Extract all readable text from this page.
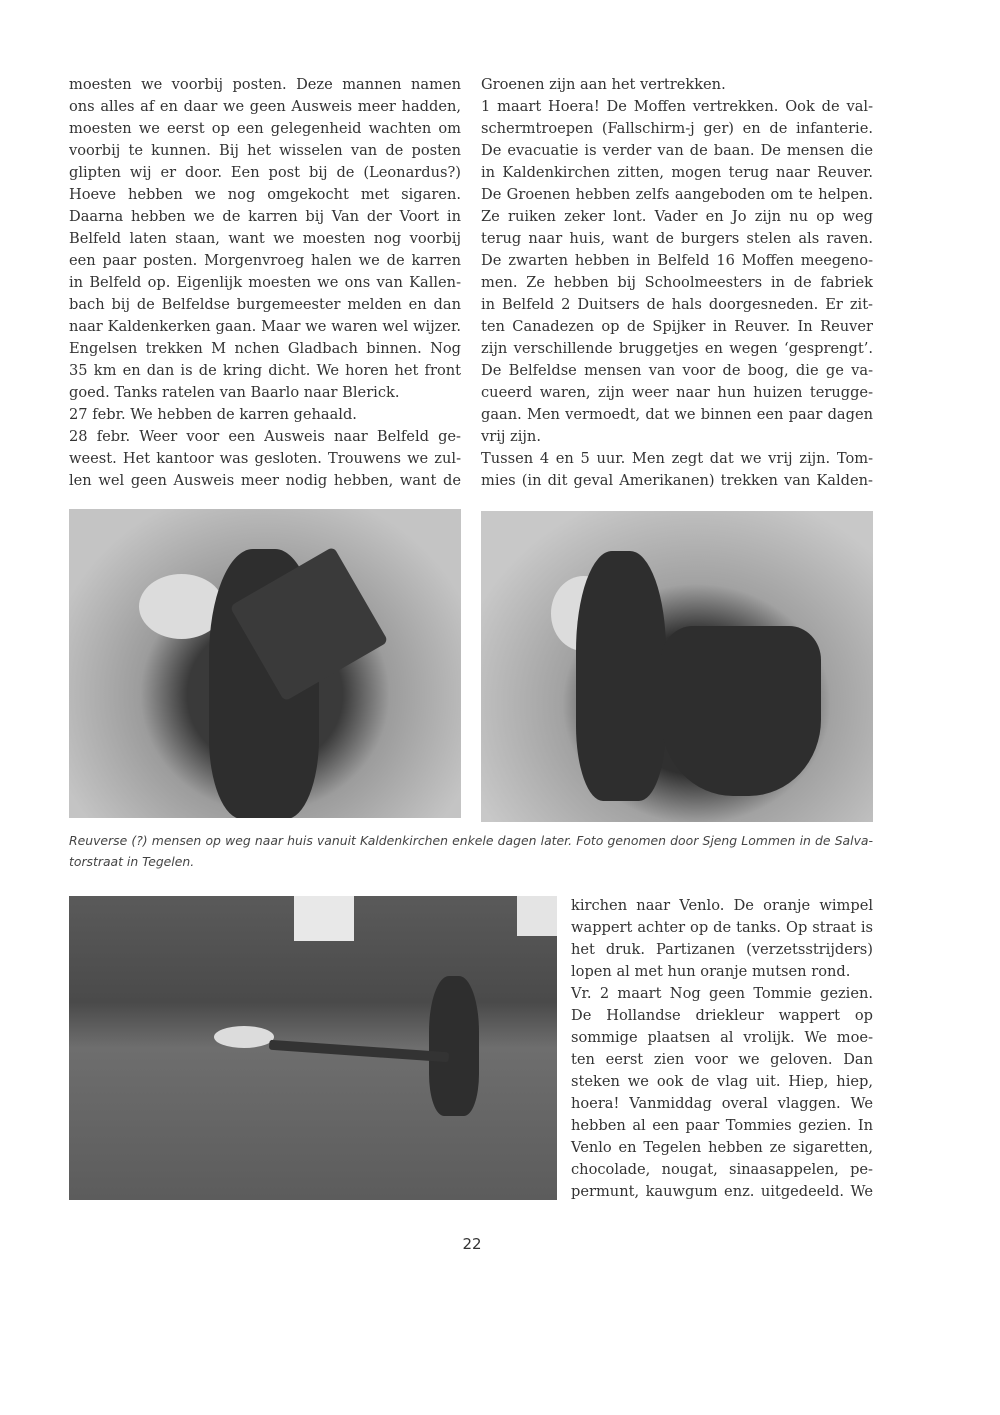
moesten we voorbij posten. Deze mannen namen
ons alles af en daar we geen Ausweis meer hadden,
moesten we eerst op een gelegenheid wachten om
voorbij te kunnen. Bij het wisselen van de posten
glipten wij er door. Een post bij de (Leonardus?)
Hoeve hebben we nog omgekocht met sigaren.
Daarna hebben we de karren bij Van der Voort in
Belfeld laten staan, want we moesten nog voorbij
een paar posten. Morgenvroeg halen we de karren
in Belfeld op. Eigenlijk moesten we ons van Kallen-
bach bij de Belfeldse burgemeester melden en dan
naar Kaldenkerken gaan. Maar we waren wel wijzer.
Engelsen trekken M nchen Gladbach binnen. Nog
35 km en dan is de kring dicht. We horen het front
goed. Tanks ratelen van Baarlo naar Blerick.
27 febr. We hebben de karren gehaald.
28 febr. Weer voor een Ausweis naar Belfeld ge-
weest. Het kantoor was gesloten. Trouwens we zul-
len wel geen Ausweis meer nodig hebben, want de
Groenen zijn aan het vertrekken.
1 maart Hoera! De Moffen vertrekken. Ook de val-
schermtroepen (Fallschirm-j ger) en de infanterie.
De evacuatie is verder van de baan. De mensen die
in Kaldenkirchen zitten, mogen terug naar Reuver.
De Groenen hebben zelfs aangeboden om te helpen.
Ze ruiken zeker lont. Vader en Jo zijn nu op weg
terug naar huis, want de burgers stelen als raven.
De zwarten hebben in Belfeld 16 Moffen meegeno-
men. Ze hebben bij Schoolmeesters in de fabriek
in Belfeld 2 Duitsers de hals doorgesneden. Er zit-
ten Canadezen op de Spijker in Reuver. In Reuver
zijn verschillende bruggetjes en wegen ‘gesprengt’.
De Belfeldse mensen van voor de boog, die ge va-
cueerd waren, zijn weer naar hun huizen terugge-
gaan. Men vermoedt, dat we binnen een paar dagen
vrij zijn.
Tussen 4 en 5 uur. Men zegt dat we vrij zijn. Tom-
mies (in dit geval Amerikanen) trekken van Kalden-
Reuverse (?) mensen op weg naar huis vanuit Kaldenkirchen enkele dagen later. Foto genomen door Sjeng Lommen in de Salva-torstraat in Tegelen.
kirchen naar Venlo. De oranje wimpel
wappert achter op de tanks. Op straat is
het druk. Partizanen (verzetsstrijders)
lopen al met hun oranje mutsen rond.
Vr. 2 maart Nog geen Tommie gezien.
De Hollandse driekleur wappert op
sommige plaatsen al vrolijk. We moe-
ten eerst zien voor we geloven. Dan
steken we ook de vlag uit. Hiep, hiep,
hoera! Vanmiddag overal vlaggen. We
hebben al een paar Tommies gezien. In
Venlo en Tegelen hebben ze sigaretten,
chocolade, nougat, sinaasappelen, pe-
permunt, kauwgum enz. uitgedeeld. We
22
